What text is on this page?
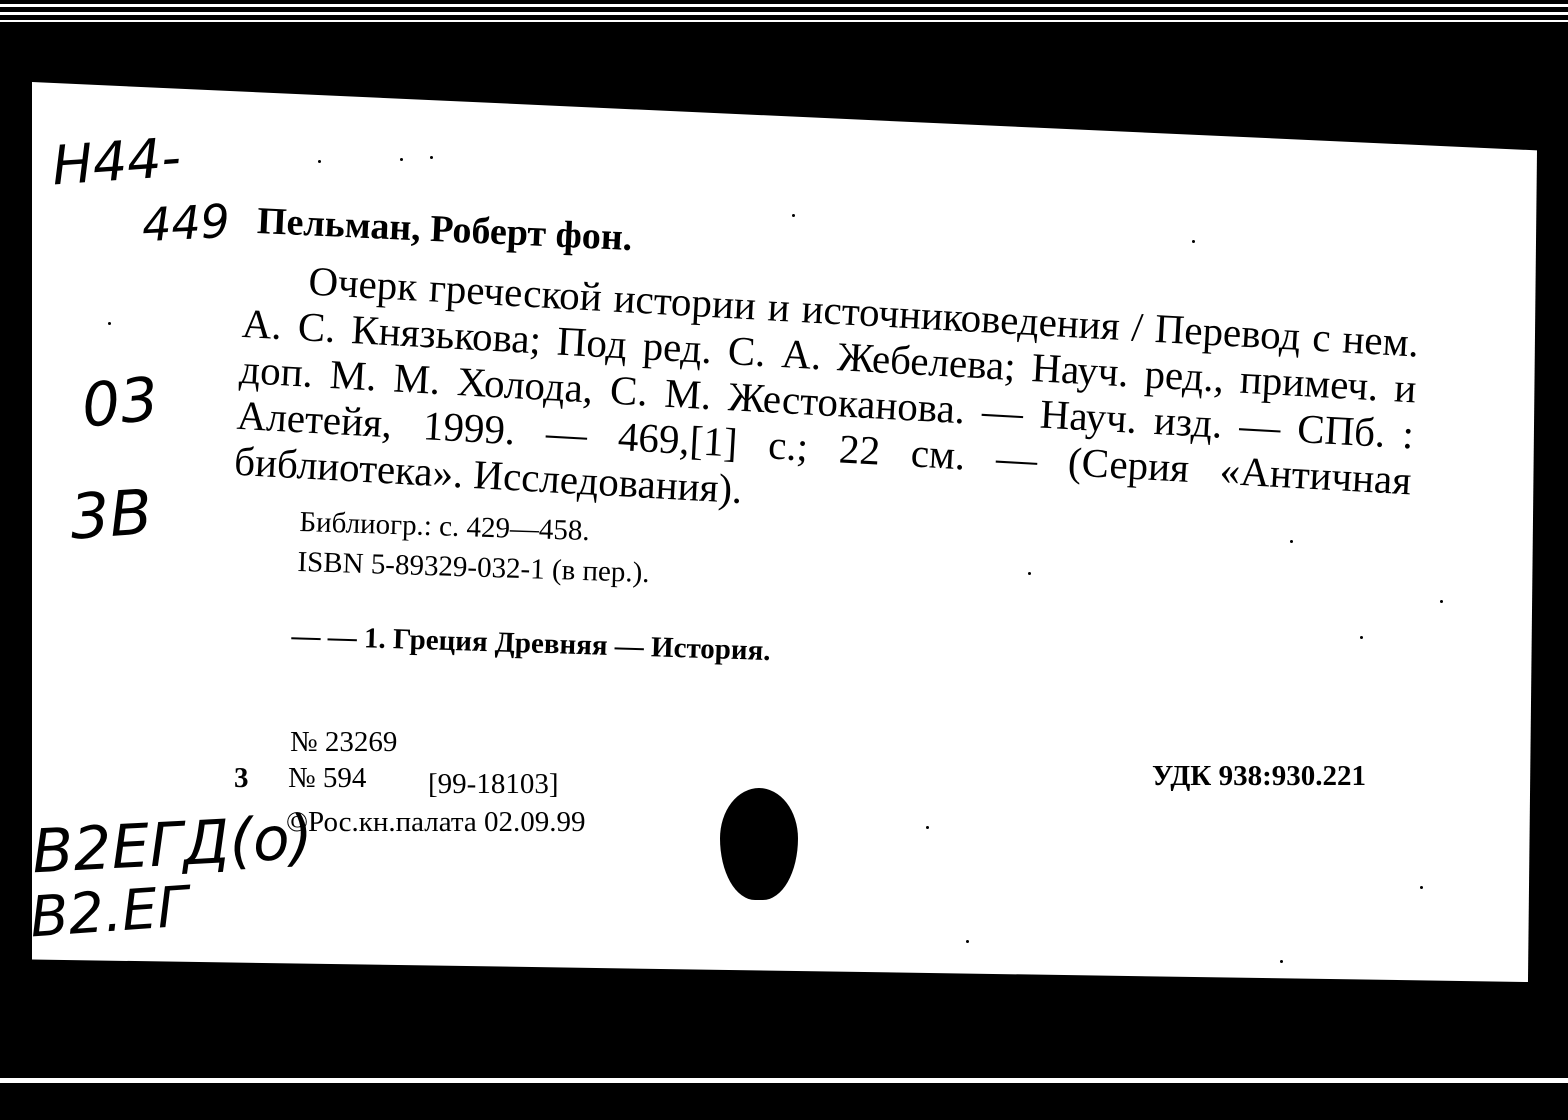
Н44-
449
03
3В
Пельман, Роберт фон.
Очерк греческой истории и источниковедения / Перевод с нем. А. С. Князькова; Под ред. С. А. Жебелева; Науч. ред., примеч. и доп. М. М. Холода, С. М. Жестоканова. — Науч. изд. — СПб. : Алетейя, 1999. — 469,[1] с.; 22 см. — (Серия «Античная библиотека». Исследования).
Библиогр.: с. 429—458.
ISBN 5-89329-032-1 (в пер.).
— — 1. Греция Древняя — История.
№ 23269
3 № 594 [99-18103]	УДК 938:930.221
©Рос.кн.палата 02.09.99
В2ЕГД(о)
В2.ЕГ
